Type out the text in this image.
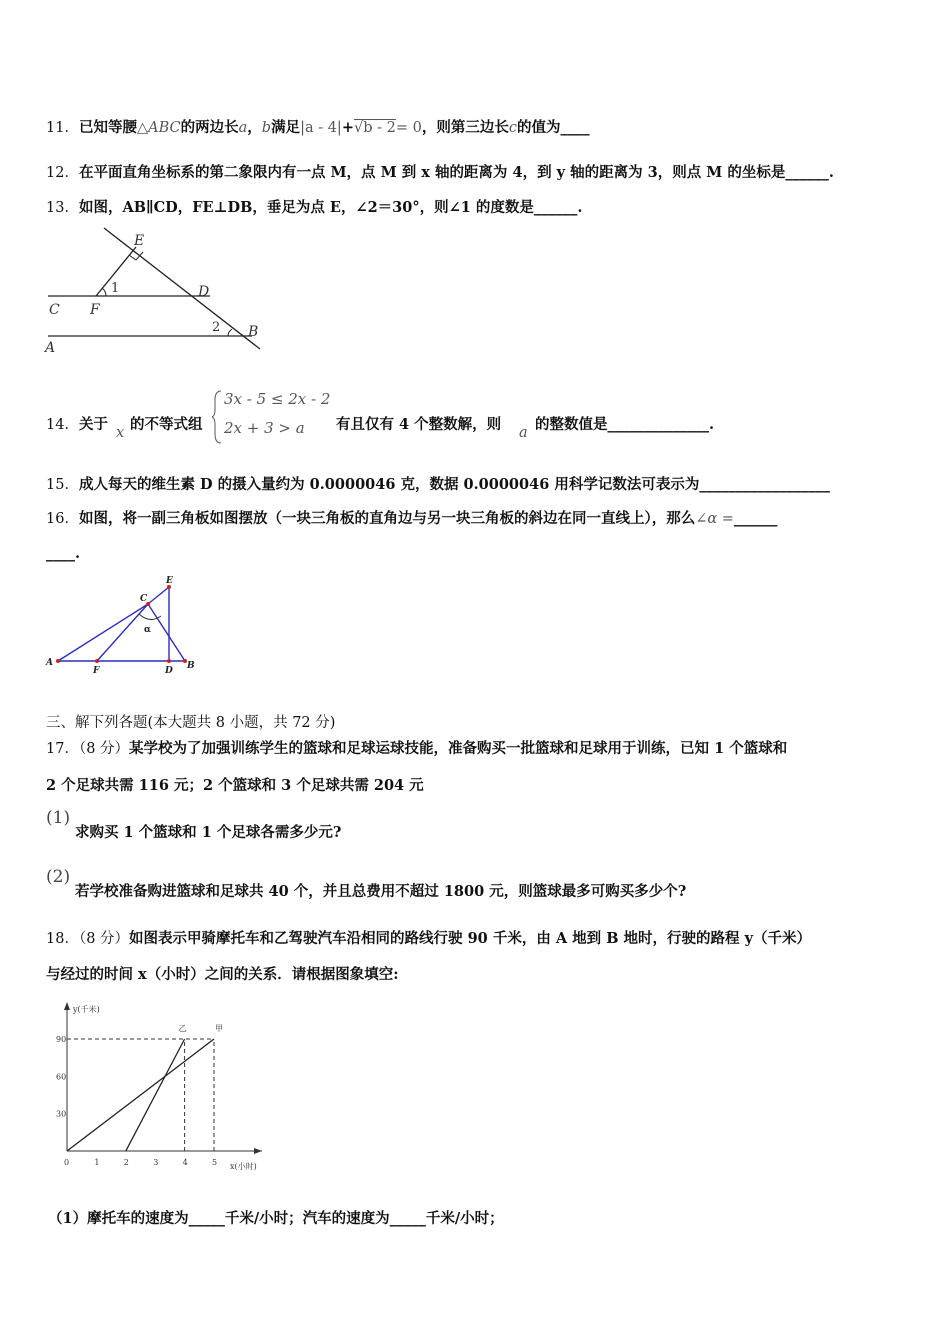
11．已知等腰△ABC的两边长a，b满足|a - 4|+√b - 2= 0，则第三边长c的值为____
12．在平面直角坐标系的第二象限内有一点 M，点 M 到 x 轴的距离为 4，到 y 轴的距离为 3，则点 M 的坐标是______.
13．如图，AB∥CD，FE⊥DB，垂足为点 E，∠2＝30°，则∠1 的度数是______.
E
1	D
C F
2 B
A
14．关于 x 的不等式组
3x - 5 ≤ 2x - 2
2x + 3 > a 有且仅有 4 个整数解，则 a 的整数值是______________.
15．成人每天的维生素 D 的摄入量约为 0.0000046 克，数据 0.0000046 用科学记数法可表示为__________________
16．如图，将一副三角板如图摆放（一块三角板的直角边与另一块三角板的斜边在同一直线上），那么∠α =______
____.
E
C
α
A
F	D B
三、解下列各题(本大题共 8 小题，共 72 分)
17．（8 分）某学校为了加强训练学生的篮球和足球运球技能，准备购买一批篮球和足球用于训练，已知 1 个篮球和
2 个足球共需 116 元；2 个篮球和 3 个足球共需 204 元
(1)
求购买 1 个篮球和 1 个足球各需多少元?
(2)
若学校准备购进篮球和足球共 40 个，并且总费用不超过 1800 元，则篮球最多可购买多少个?
18．（8 分）如图表示甲骑摩托车和乙驾驶汽车沿相同的路线行驶 90 千米，由 A 地到 B 地时，行驶的路程 y（千米）
与经过的时间 x（小时）之间的关系．请根据图象填空:
y(千米)
x(小时)
0	1	2	3	4	5
30
60
90
乙	甲
（1）摩托车的速度为_____千米/小时；汽车的速度为_____千米/小时；
